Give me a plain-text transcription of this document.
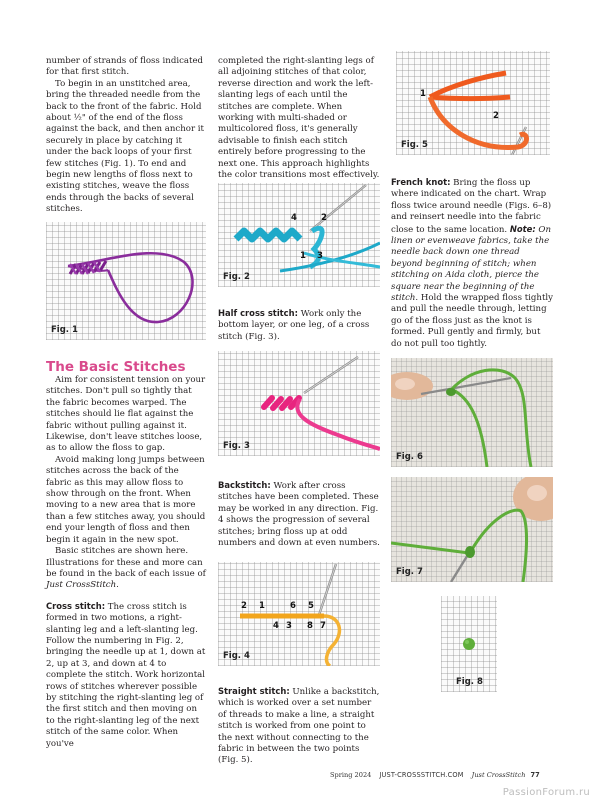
number of strands of floss indicated for that first stitch.

To begin in an unstitched area, bring the threaded needle from the back to the front of the fabric. Hold about ½" of the end of the floss against the back, and then anchor it securely in place by catching it under the back loops of your first few stitches (Fig. 1). To end and begin new lengths of floss next to existing stitches, weave the floss ends through the backs of several stitches.

Fig. 1

The Basic Stitches

Aim for consistent tension on your stitches. Don't pull so tightly that the fabric becomes warped. The stitches should lie flat against the fabric without pulling against it. Likewise, don't leave stitches loose, as to allow the floss to gap.

Avoid making long jumps between stitches across the back of the fabric as this may allow floss to show through on the front. When moving to a new area that is more than a few stitches away, you should end your length of floss and then begin it again in the new spot.

Basic stitches are shown here. Illustrations for these and more can be found in the back of each issue of Just CrossStitch.

Cross stitch: The cross stitch is formed in two motions, a right-slanting leg and a left-slanting leg. Follow the numbering in Fig. 2, bringing the needle up at 1, down at 2, up at 3, and down at 4 to complete the stitch. Work horizontal rows of stitches wherever possible by stitching the right-slanting leg of the first stitch and then moving on to the right-slanting leg of the next stitch of the same color. When you've

completed the right-slanting legs of all adjoining stitches of that color, reverse direction and work the left-slanting legs of each until the stitches are complete. When working with multi-shaded or multicolored floss, it's generally advisable to finish each stitch entirely before progressing to the next one. This approach highlights the color transitions most effectively.

4	2
1 3
Fig. 2

Half cross stitch: Work only the bottom layer, or one leg, of a cross stitch (Fig. 3).

Fig. 3

Backstitch: Work after cross stitches have been completed. These may be worked in any direction. Fig. 4 shows the progression of several stitches; bring floss up at odd numbers and down at even numbers.

2 1	6 5
4 3 8 7
Fig. 4

Straight stitch: Unlike a backstitch, which is worked over a set number of threads to make a line, a straight stitch is worked from one point to the next without connecting to the fabric in between the two points (Fig. 5).

1
2
Fig. 5

French knot: Bring the floss up where indicated on the chart. Wrap floss twice around needle (Figs. 6–8) and reinsert needle into the fabric close to the same location. Note: On linen or evenweave fabrics, take the needle back down one thread beyond beginning of stitch; when stitching on Aida cloth, pierce the square near the beginning of the stitch. Hold the wrapped floss tightly and pull the needle through, letting go of the floss just as the knot is formed. Pull gently and firmly, but do not pull too tightly.

Fig. 6
Fig. 7
Fig. 8
Spring 2024 JUST-CROSSSTITCH.COM Just CrossStitch 77
PassionForum.ru
